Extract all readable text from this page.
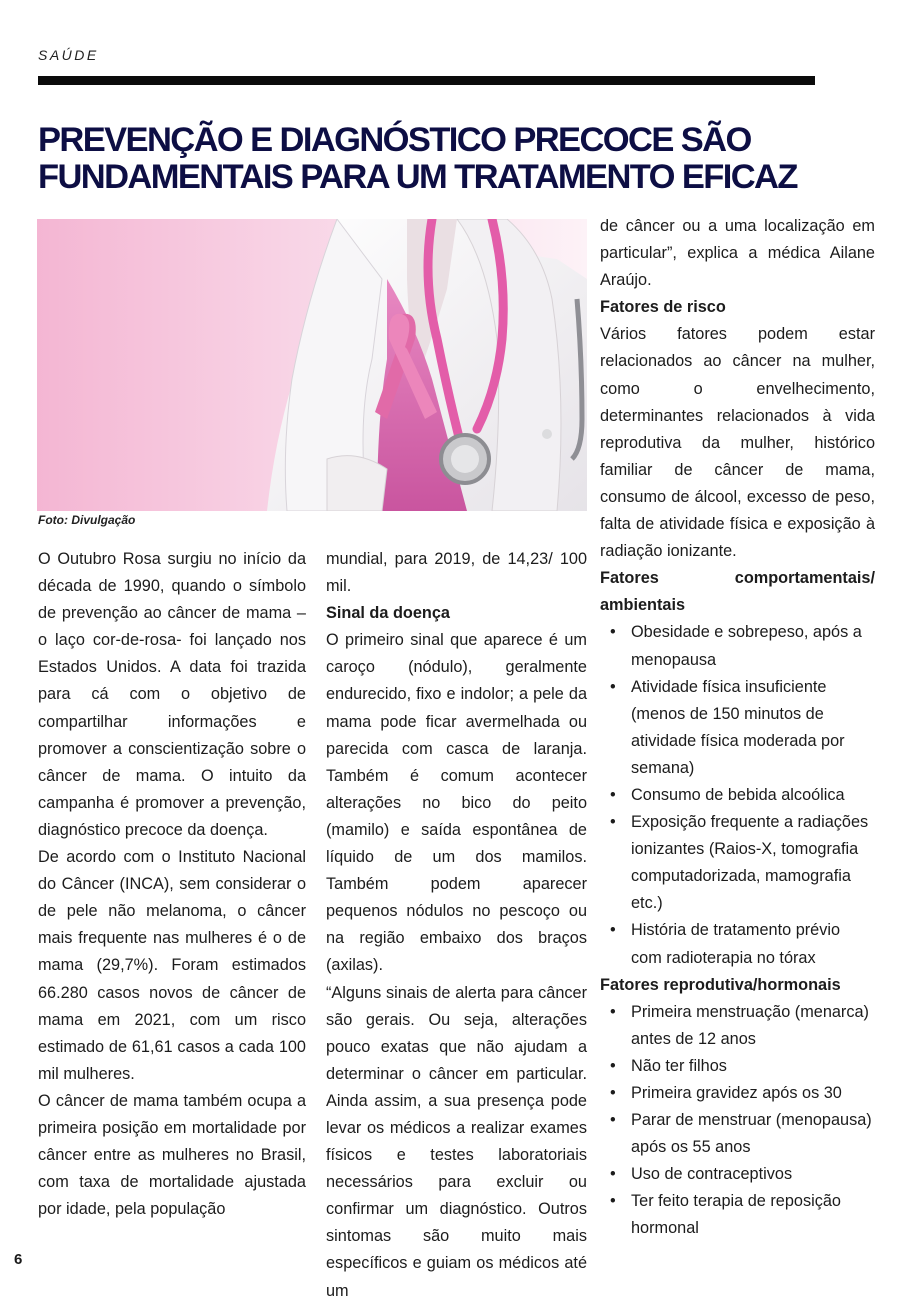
SAÚDE
PREVENÇÃO E DIAGNÓSTICO PRECOCE SÃO
FUNDAMENTAIS PARA UM TRATAMENTO EFICAZ
Foto: Divulgação

O Outubro Rosa surgiu no início da década de 1990, quando o símbolo de prevenção ao câncer de mama – o laço cor-de-rosa- foi lançado nos Estados Unidos. A data foi trazida para cá com o objetivo de compartilhar informações e promover a conscientização sobre o câncer de mama. O intuito da campanha é promover a prevenção, diagnóstico precoce da doença.

De acordo com o Instituto Nacional do Câncer (INCA), sem considerar o de pele não melanoma, o câncer mais frequente nas mulheres é o de mama (29,7%). Foram estimados 66.280 casos novos de câncer de mama em 2021, com um risco estimado de 61,61 casos a cada 100 mil mulheres.

O câncer de mama também ocupa a primeira posição em mortalidade por câncer entre as mulheres no Brasil, com taxa de mortalidade ajustada por idade, pela população

mundial, para 2019, de 14,23/ 100 mil.

Sinal da doença

O primeiro sinal que aparece é um caroço (nódulo), geralmente endurecido, fixo e indolor; a pele da mama pode ficar avermelhada ou parecida com casca de laranja. Também é comum acontecer alterações no bico do peito (mamilo) e saída espontânea de líquido de um dos mamilos. Também podem aparecer pequenos nódulos no pescoço ou na região embaixo dos braços (axilas).

“Alguns sinais de alerta para câncer são gerais. Ou seja, alterações pouco exatas que não ajudam a determinar o câncer em particular. Ainda assim, a sua presença pode levar os médicos a realizar exames físicos e testes laboratoriais necessários para excluir ou confirmar um diagnóstico. Outros sintomas são muito mais específicos e guiam os médicos até um

de câncer ou a uma localização em particular”, explica a médica Ailane Araújo.

Fatores de risco

Vários fatores podem estar relacionados ao câncer na mulher, como o envelhecimento, determinantes relacionados à vida reprodutiva da mulher, histórico familiar de câncer de mama, consumo de álcool, excesso de peso, falta de atividade física e exposição à radiação ionizante.

Fatores comportamentais/ ambientais
• Obesidade e sobrepeso, após a menopausa
• Atividade física insuficiente (menos de 150 minutos de atividade física moderada por semana)
• Consumo de bebida alcoólica
• Exposição frequente a radiações ionizantes (Raios-X, tomografia computadorizada, mamografia etc.)
• História de tratamento prévio com radioterapia no tórax
Fatores reprodutiva/hormonais
• Primeira menstruação (menarca) antes de 12 anos
• Não ter filhos
• Primeira gravidez após os 30
• Parar de menstruar (menopausa) após os 55 anos
• Uso de contraceptivos
• Ter feito terapia de reposição hormonal
6
